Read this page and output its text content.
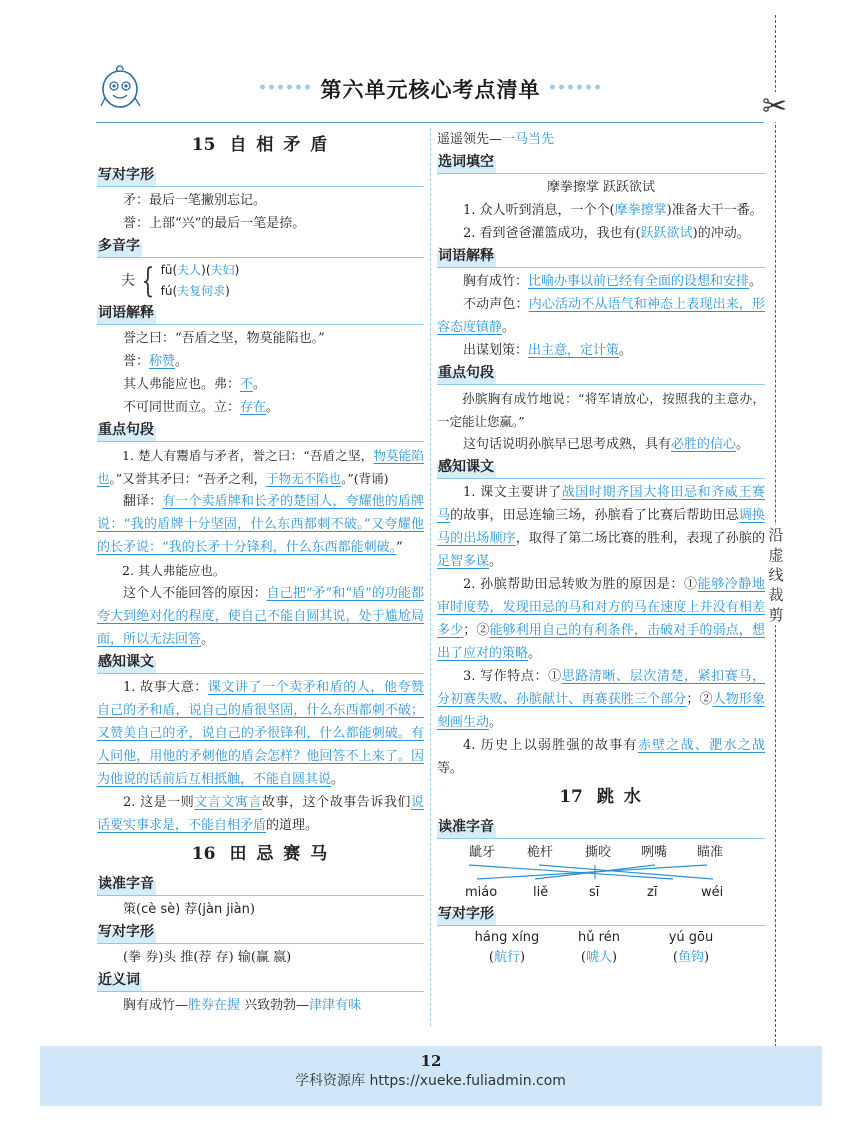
第六单元核心考点清单	✂
沿
虚
线
裁
剪
15 自 相 矛 盾
写对字形

矛：最后一笔撇别忘记。

誉：上部“兴”的最后一笔是捺。

多音字
夫 { fū(夫人)(夫妇)
fú(夫复何求)
词语解释

誉之曰：“吾盾之坚，物莫能陷也。”

誉：称赞。

其人弗能应也。弗：不。

不可同世而立。立：存在。

重点句段

1. 楚人有鬻盾与矛者，誉之曰：“吾盾之坚，物莫能陷也。”又誉其矛曰：“吾矛之利，于物无不陷也。”(背诵)

翻译：有一个卖盾牌和长矛的楚国人，夸耀他的盾牌说：“我的盾牌十分坚固，什么东西都刺不破。”又夸耀他的长矛说：“我的长矛十分锋利，什么东西都能刺破。”

2. 其人弗能应也。

这个人不能回答的原因：自己把“矛”和“盾”的功能都夸大到绝对化的程度，使自己不能自圆其说，处于尴尬局面，所以无法回答。

感知课文

1. 故事大意：课文讲了一个卖矛和盾的人，他夸赞自己的矛和盾，说自己的盾很坚固，什么东西都刺不破；又赞美自己的矛，说自己的矛很锋利，什么都能刺破。有人问他，用他的矛刺他的盾会怎样？他回答不上来了。因为他说的话前后互相抵触，不能自圆其说。

2. 这是一则文言文寓言故事，这个故事告诉我们说话要实事求是，不能自相矛盾的道理。

16 田 忌 赛 马
读准字音

策(cè sè) 荐(jàn jiàn)

写对字形

(拳 券)头 推(荐 存) 输(赢 嬴)

近义词

胸有成竹—胜券在握 兴致勃勃—津津有味

遥遥领先—一马当先

选词填空

摩拳擦掌 跃跃欲试

1. 众人听到消息，一个个(摩拳擦掌)准备大干一番。

2. 看到爸爸灌篮成功，我也有(跃跃欲试)的冲动。

词语解释

胸有成竹：比喻办事以前已经有全面的设想和安排。

不动声色：内心活动不从语气和神态上表现出来，形容态度镇静。

出谋划策：出主意，定计策。

重点句段

孙膑胸有成竹地说：“将军请放心，按照我的主意办，一定能让您赢。”

这句话说明孙膑早已思考成熟，具有必胜的信心。

感知课文

1. 课文主要讲了战国时期齐国大将田忌和齐威王赛马的故事，田忌连输三场，孙膑看了比赛后帮助田忌调换马的出场顺序，取得了第二场比赛的胜利，表现了孙膑的足智多谋。

2. 孙膑帮助田忌转败为胜的原因是：①能够冷静地审时度势，发现田忌的马和对方的马在速度上并没有相差多少；②能够利用自己的有利条件，击破对手的弱点，想出了应对的策略。

3. 写作特点：①思路清晰、层次清楚，紧扣赛马，分初赛失败、孙膑献计、再赛获胜三个部分；②人物形象刻画生动。

4. 历史上以弱胜强的故事有赤壁之战、淝水之战等。

17 跳 水
读准字音
龇牙 桅杆 撕咬 咧嘴 瞄准
miáo	liě	sī	zī	wéi
写对字形
háng xíng	hǔ rén	yú gōu
(航行)	(唬人)	(鱼钩)
12
学科资源库 https://xueke.fuliadmin.com
